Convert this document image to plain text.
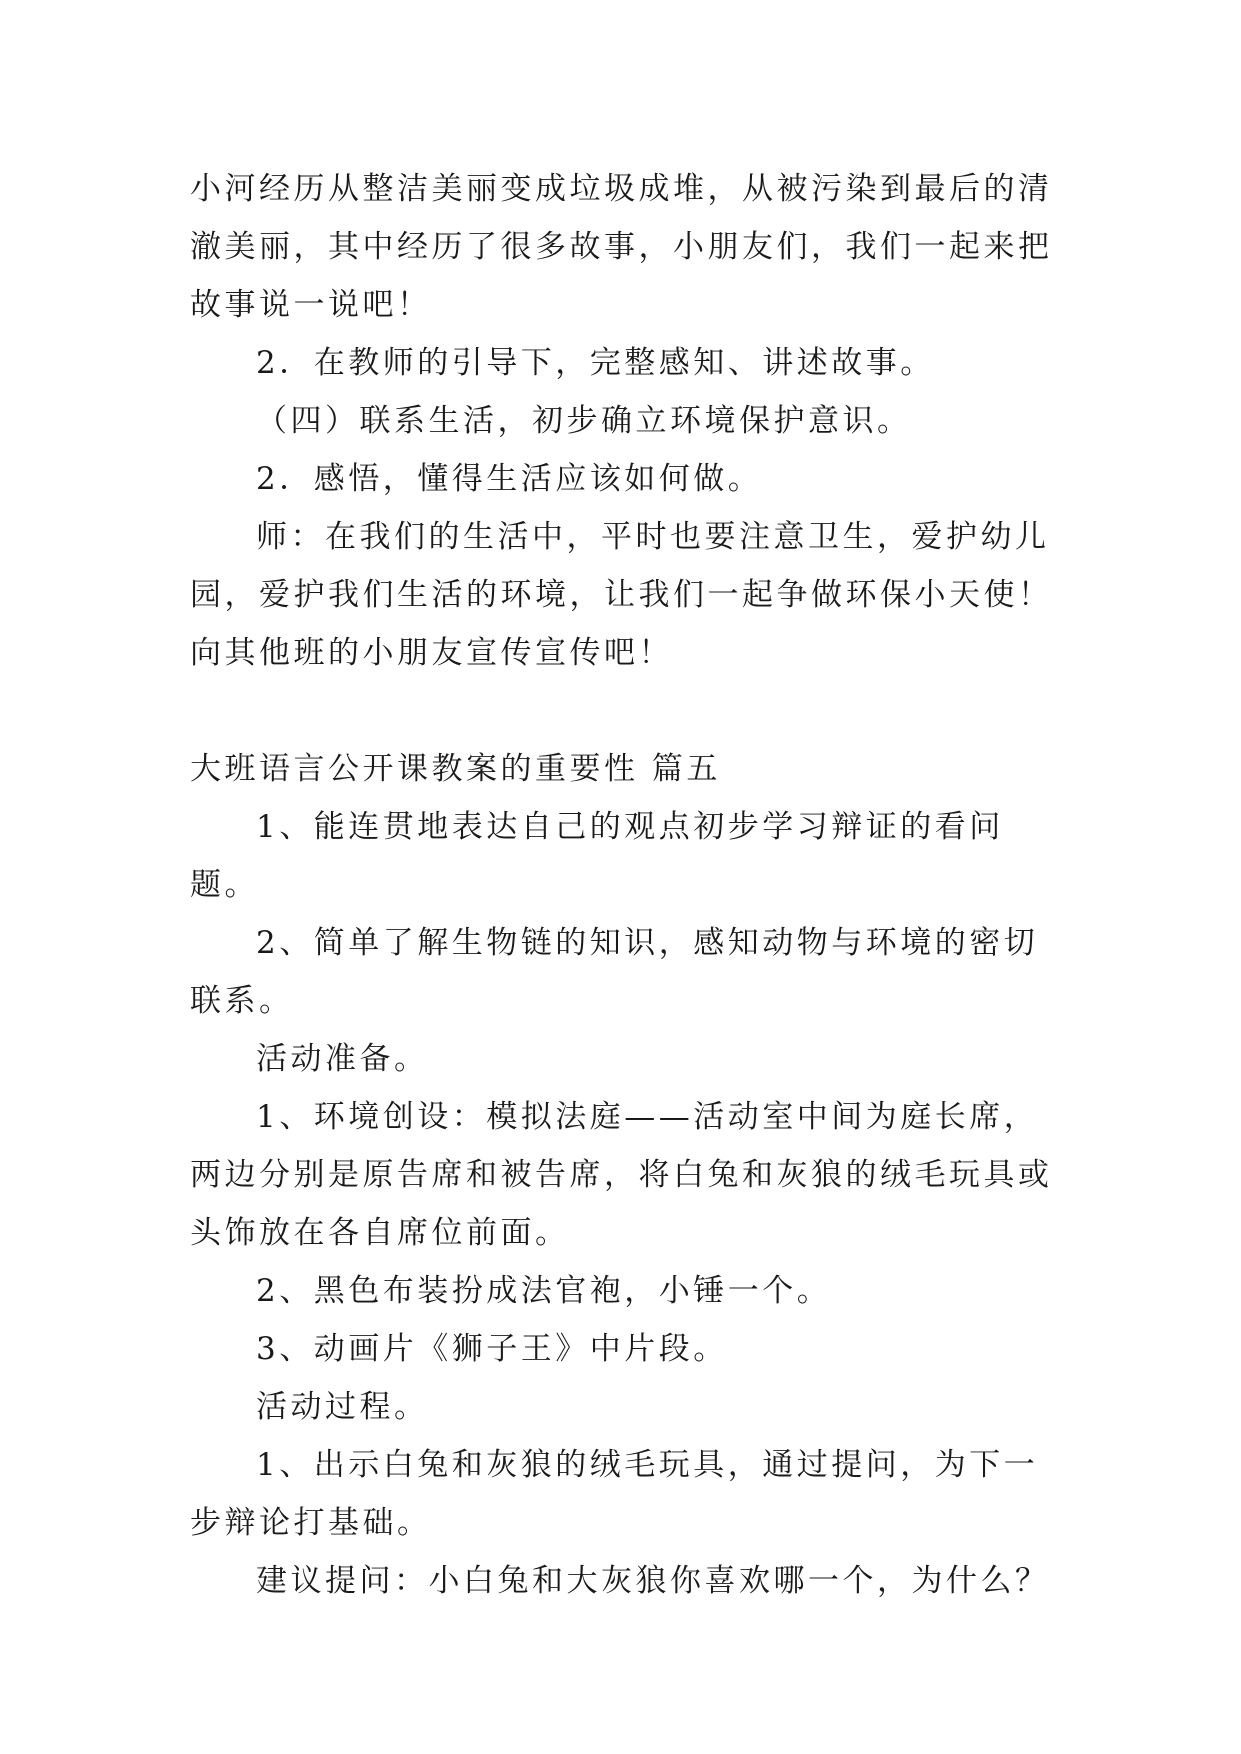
小河经历从整洁美丽变成垃圾成堆，从被污染到最后的清澈美丽，其中经历了很多故事，小朋友们，我们一起来把故事说一说吧！

2．在教师的引导下，完整感知、讲述故事。

（四）联系生活，初步确立环境保护意识。

2．感悟，懂得生活应该如何做。

师：在我们的生活中，平时也要注意卫生，爱护幼儿园，爱护我们生活的环境，让我们一起争做环保小天使！向其他班的小朋友宣传宣传吧！

大班语言公开课教案的重要性 篇五

1、能连贯地表达自己的观点初步学习辩证的看问题。

2、简单了解生物链的知识，感知动物与环境的密切联系。

活动准备。

1、环境创设：模拟法庭——活动室中间为庭长席，两边分别是原告席和被告席，将白兔和灰狼的绒毛玩具或头饰放在各自席位前面。

2、黑色布装扮成法官袍，小锤一个。

3、动画片《狮子王》中片段。

活动过程。

1、出示白兔和灰狼的绒毛玩具，通过提问，为下一步辩论打基础。

建议提问：小白兔和大灰狼你喜欢哪一个，为什么？
